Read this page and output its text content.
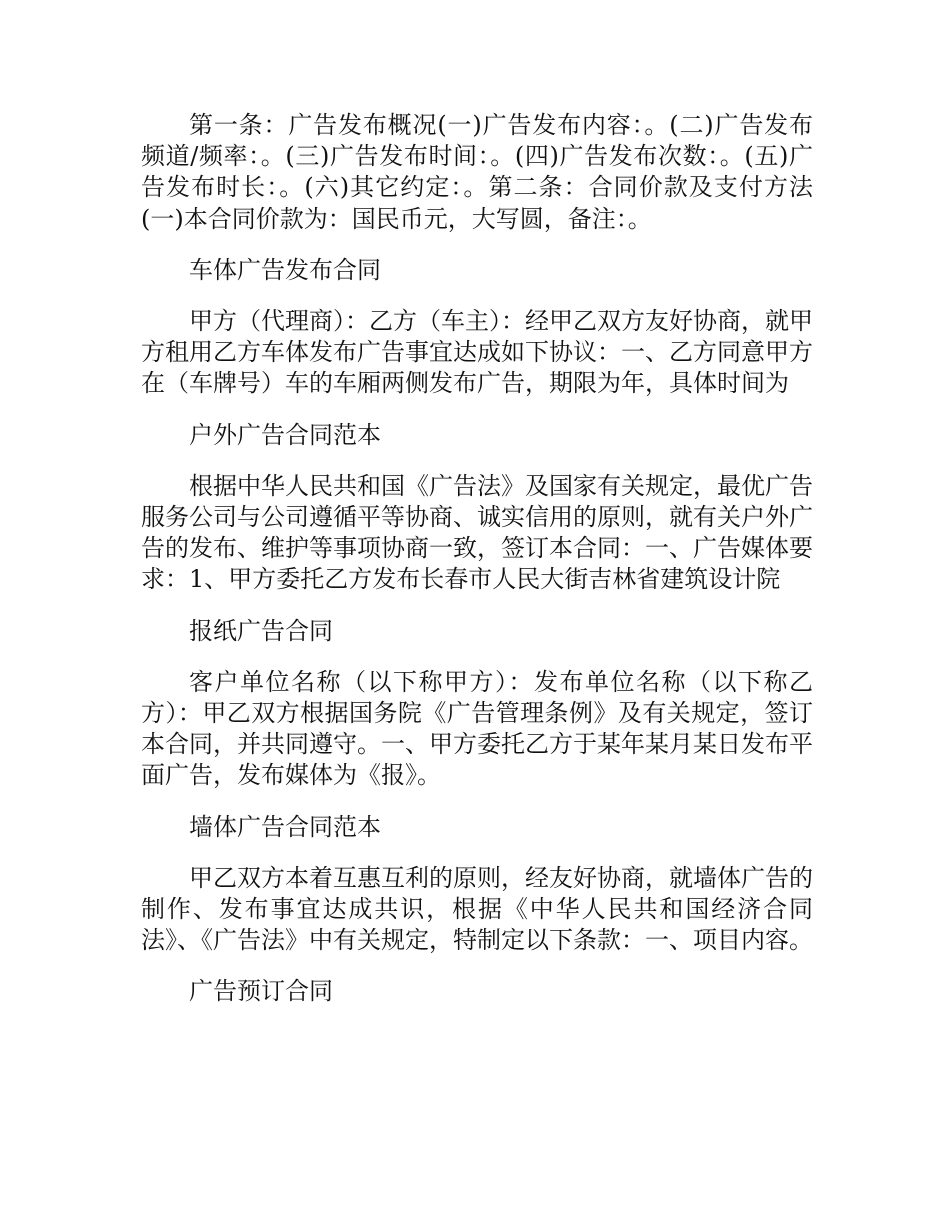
第一条：广告发布概况(一)广告发布内容：。(二)广告发布频道/频率：。(三)广告发布时间：。(四)广告发布次数：。(五)广告发布时长：。(六)其它约定：。第二条：合同价款及支付方法(一)本合同价款为：国民币元，大写圆，备注：。

车体广告发布合同

甲方（代理商）：乙方（车主）：经甲乙双方友好协商，就甲方租用乙方车体发布广告事宜达成如下协议：一、乙方同意甲方在（车牌号）车的车厢两侧发布广告，期限为年，具体时间为

户外广告合同范本

根据中华人民共和国《广告法》及国家有关规定，最优广告服务公司与公司遵循平等协商、诚实信用的原则，就有关户外广告的发布、维护等事项协商一致，签订本合同：一、广告媒体要求：1、甲方委托乙方发布长春市人民大街吉林省建筑设计院

报纸广告合同

客户单位名称（以下称甲方）：发布单位名称（以下称乙方）：甲乙双方根据国务院《广告管理条例》及有关规定，签订本合同，并共同遵守。一、甲方委托乙方于某年某月某日发布平面广告，发布媒体为《报》。

墙体广告合同范本

甲乙双方本着互惠互利的原则，经友好协商，就墙体广告的制作、发布事宜达成共识，根据《中华人民共和国经济合同法》、《广告法》中有关规定，特制定以下条款：一、项目内容。

广告预订合同
